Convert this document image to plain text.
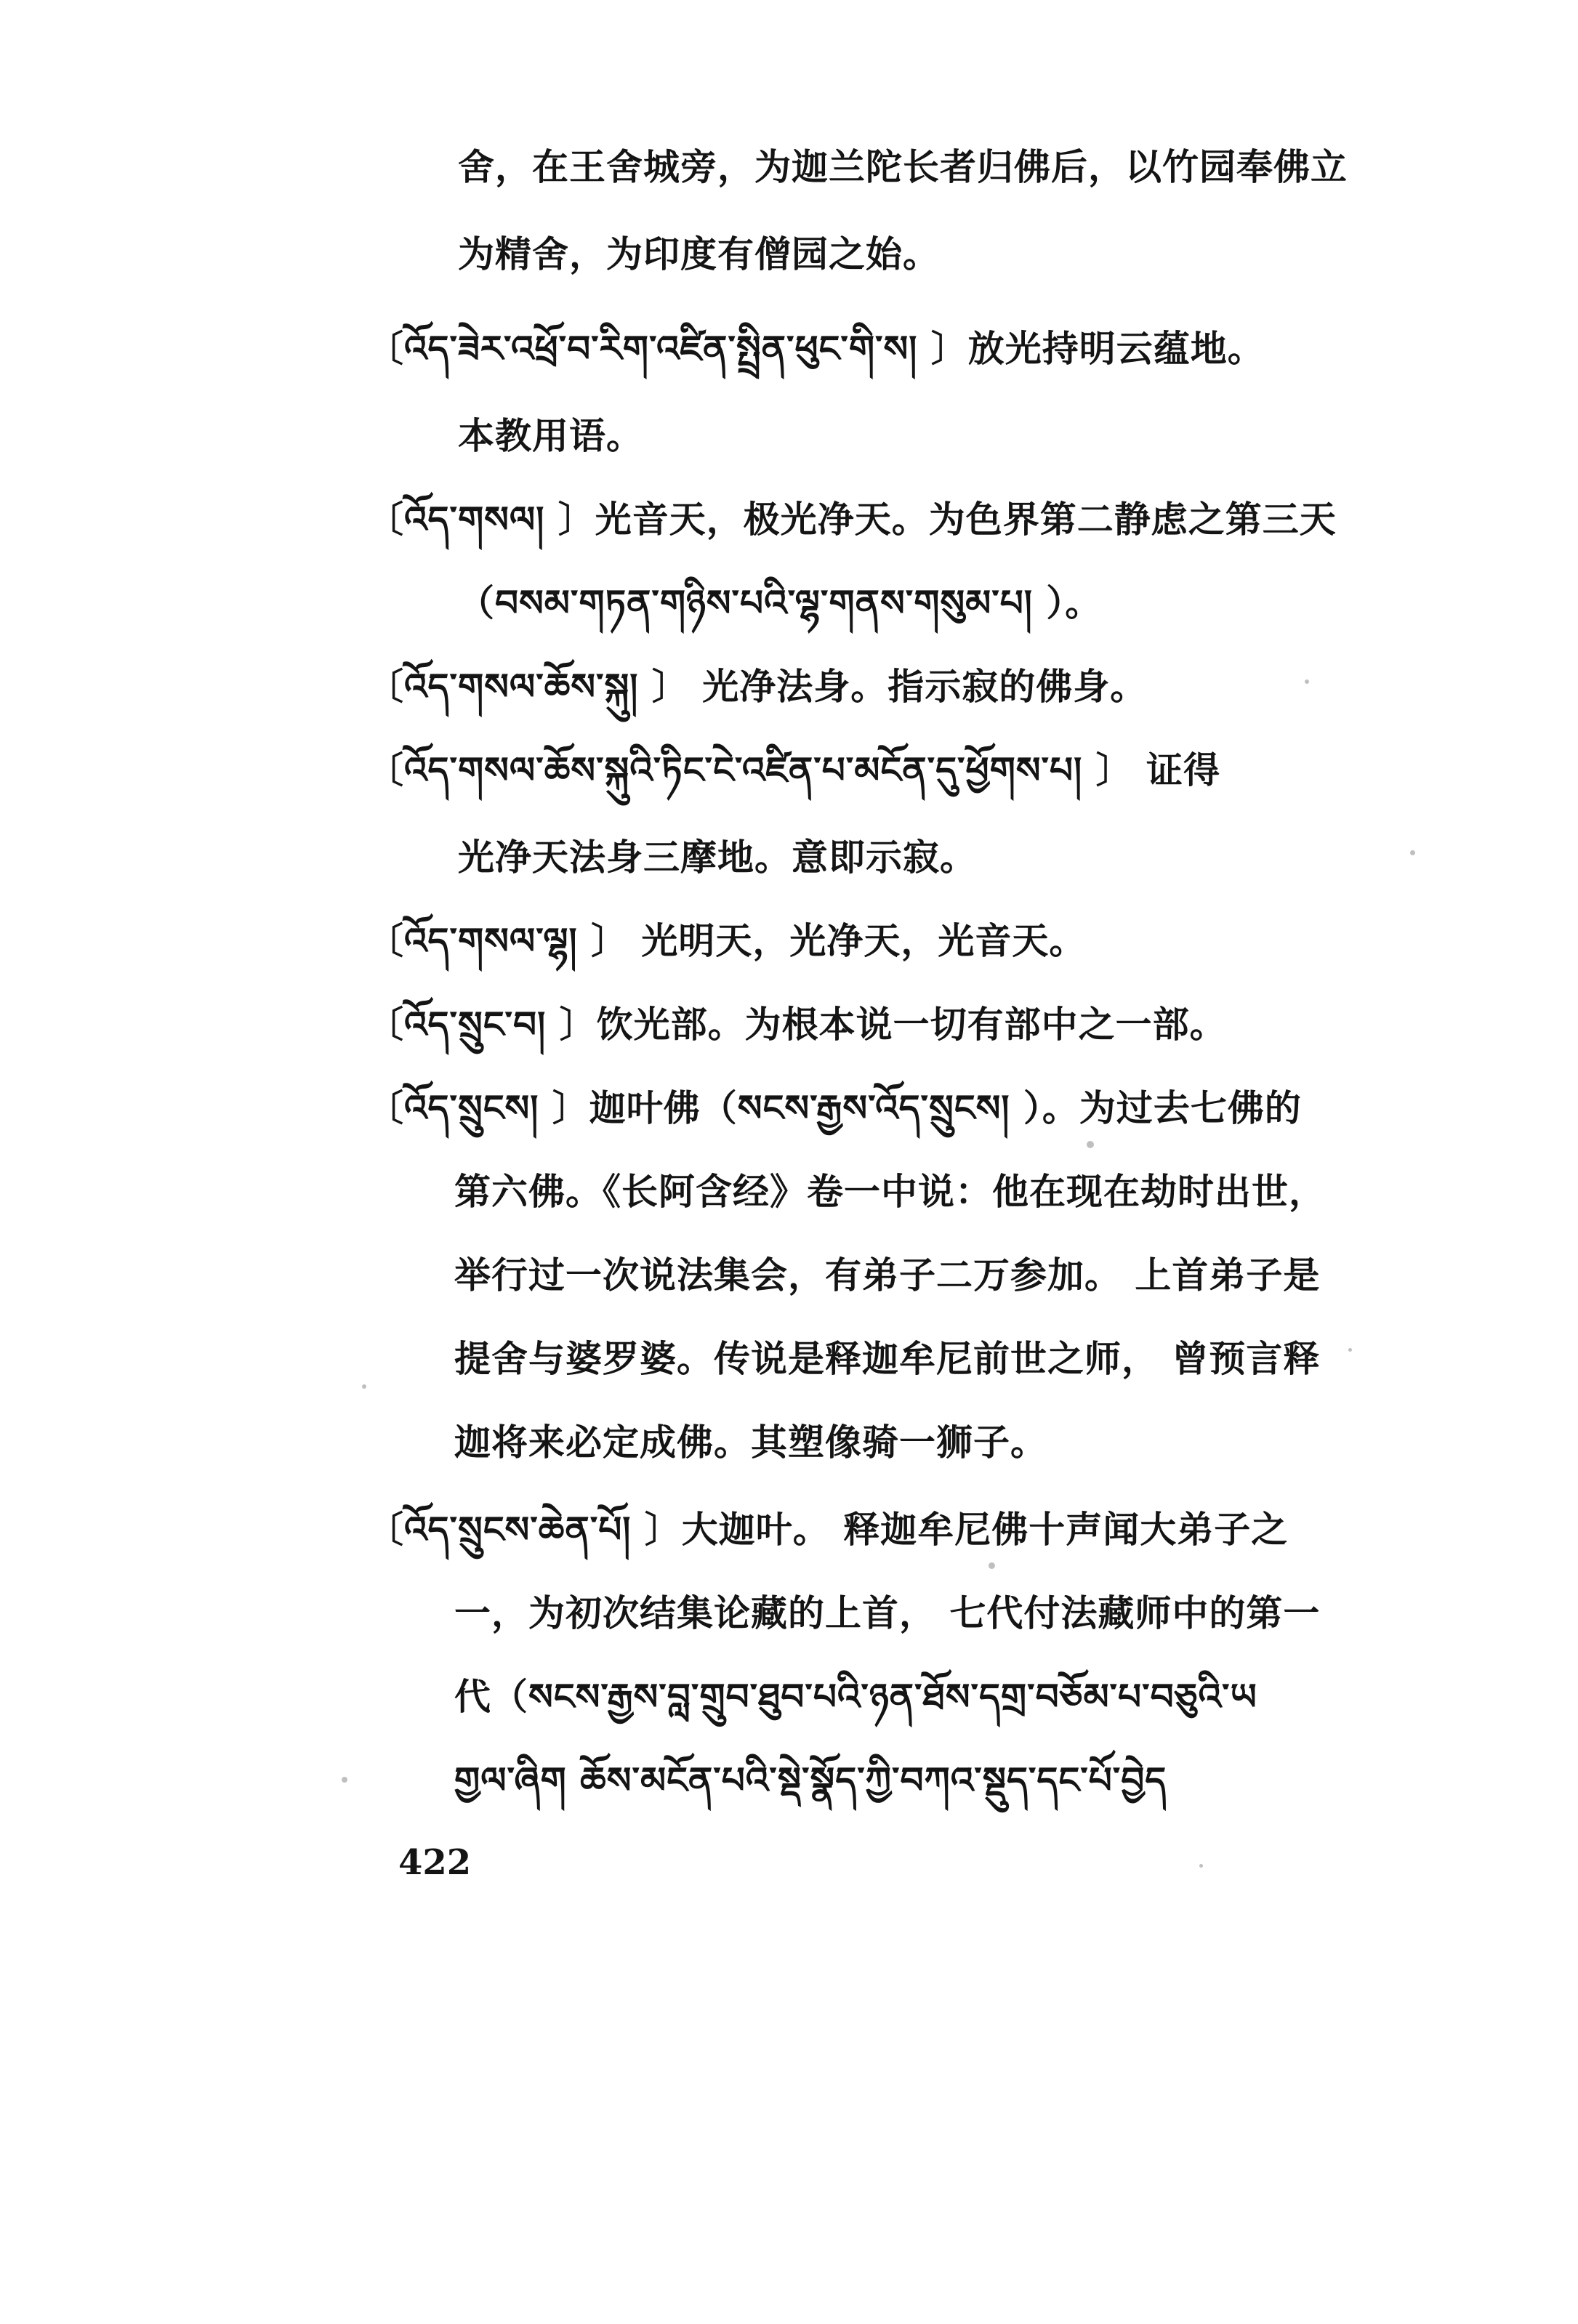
舍，在王舍城旁，为迦兰陀长者归佛后，以竹园奉佛立
为精舍，为印度有僧园之始。
〔འོད་ཟེར་འཕྲོ་བ་རིག་འཛིན་སྤྲིན་ཕུང་གི་ས། 〕放光持明云蕴地。
本教用语。
〔འོད་གསལ། 〕光音天，极光净天。为色界第二静虑之第三天
（བསམ་གཏན་གཉིས་པའི་ལྷ་གནས་གསུམ་པ། ）。
〔འོད་གསལ་ཆོས་སྐུ། 〕 光净法身。指示寂的佛身。
〔འོད་གསལ་ཆོས་སྐུའི་ཏིང་ངེ་འཛིན་པ་མངོན་དུ་ཕྱོགས་པ། 〕 证得
光净天法身三摩地。意即示寂。
〔འོད་གསལ་ལྷ། 〕 光明天，光净天，光音天。
〔འོད་སྲུང་བ། 〕饮光部。为根本说一切有部中之一部。
〔འོད་སྲུངས། 〕迦叶佛（སངས་རྒྱས་འོད་སྲུངས། ）。为过去七佛的
第六佛。《长阿含经》卷一中说：他在现在劫时出世，
举行过一次说法集会，有弟子二万参加。 上首弟子是
提舍与婆罗婆。传说是释迦牟尼前世之师， 曾预言释
迦将来必定成佛。其塑像骑一狮子。
〔འོད་སྲུངས་ཆེན་པོ། 〕大迦叶。 释迦牟尼佛十声闻大弟子之
一，为初次结集论藏的上首， 七代付法藏师中的第一
代（སངས་རྒྱས་བླ་གྲུབ་ཐུབ་པའི་ཉན་ཐོས་དགྲ་བཅོམ་པ་བཅུའི་ཡ
གྱལ་ཞིག ཆོས་མངོན་པའི་སྡེ་སྣོད་ཀྱི་བཀའ་སྡུད་དང་པོ་བྱེད
422
